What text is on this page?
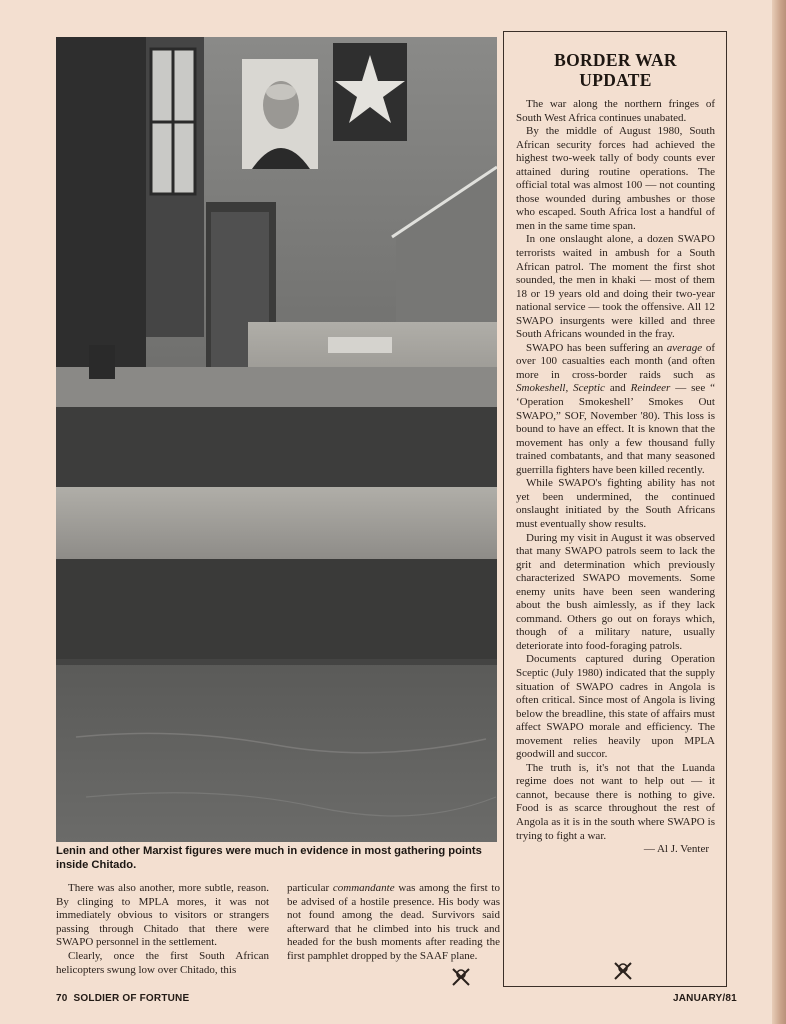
Lenin and other Marxist figures were much in evidence in most gathering points inside Chitado.

There was also another, more subtle, reason. By clinging to MPLA mores, it was not immediately obvious to visitors or strangers passing through Chitado that there were SWAPO personnel in the settlement.

Clearly, once the first South African helicopters swung low over Chitado, this

particular commandante was among the first to be advised of a hostile presence. His body was not found among the dead. Survivors said afterward that he climbed into his truck and headed for the bush moments after reading the first pamphlet dropped by the SAAF plane.

BORDER WAR UPDATE

The war along the northern fringes of South West Africa continues unabated.

By the middle of August 1980, South African security forces had achieved the highest two-week tally of body counts ever attained during routine operations. The official total was almost 100 — not counting those wounded during ambushes or those who escaped. South Africa lost a handful of men in the same time span.

In one onslaught alone, a dozen SWAPO terrorists waited in ambush for a South African patrol. The moment the first shot sounded, the men in khaki — most of them 18 or 19 years old and doing their two-year national service — took the offensive. All 12 SWAPO insurgents were killed and three South Africans wounded in the fray.

SWAPO has been suffering an average of over 100 casualties each month (and often more in cross-border raids such as Smokeshell, Sceptic and Reindeer — see “ ‘Operation Smokeshell’ Smokes Out SWAPO,” SOF, November '80). This loss is bound to have an effect. It is known that the movement has only a few thousand fully trained combatants, and that many seasoned guerrilla fighters have been killed recently.

While SWAPO's fighting ability has not yet been undermined, the continued onslaught initiated by the South Africans must eventually show results.

During my visit in August it was observed that many SWAPO patrols seem to lack the grit and determination which previously characterized SWAPO movements. Some enemy units have been seen wandering about the bush aimlessly, as if they lack command. Others go out on forays which, though of a military nature, usually deteriorate into food-foraging patrols.

Documents captured during Operation Sceptic (July 1980) indicated that the supply situation of SWAPO cadres in Angola is often critical. Since most of Angola is living below the breadline, this state of affairs must affect SWAPO morale and efficiency. The movement relies heavily upon MPLA goodwill and succor.

The truth is, it's not that the Luanda regime does not want to help out — it cannot, because there is nothing to give. Food is as scarce throughout the rest of Angola as it is in the south where SWAPO is trying to fight a war.

— Al J. Venter
70 SOLDIER OF FORTUNE	JANUARY/81
